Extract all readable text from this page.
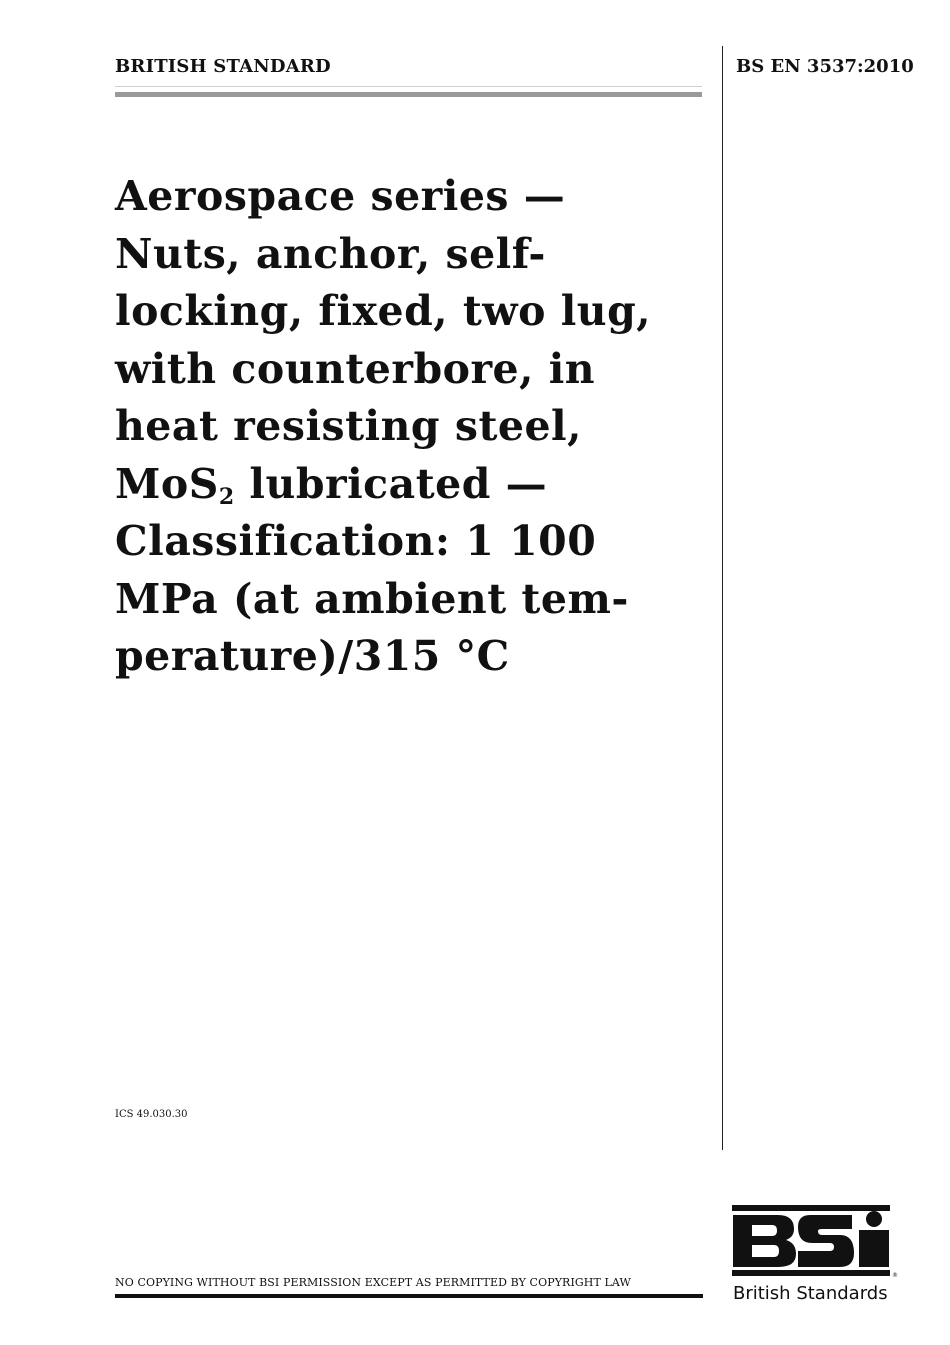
BRITISH STANDARD	BS EN 3537:2010
Aerospace series —
Nuts, anchor, self-
locking, fixed, two lug,
with counterbore, in
heat resisting steel,
MoS$_2$ lubricated —
Classification: 1 100
MPa (at ambient tem-
perature)/315 °C
ICS 49.030.30
NO COPYING WITHOUT BSI PERMISSION EXCEPT AS PERMITTED BY COPYRIGHT LAW
®
British Standards
